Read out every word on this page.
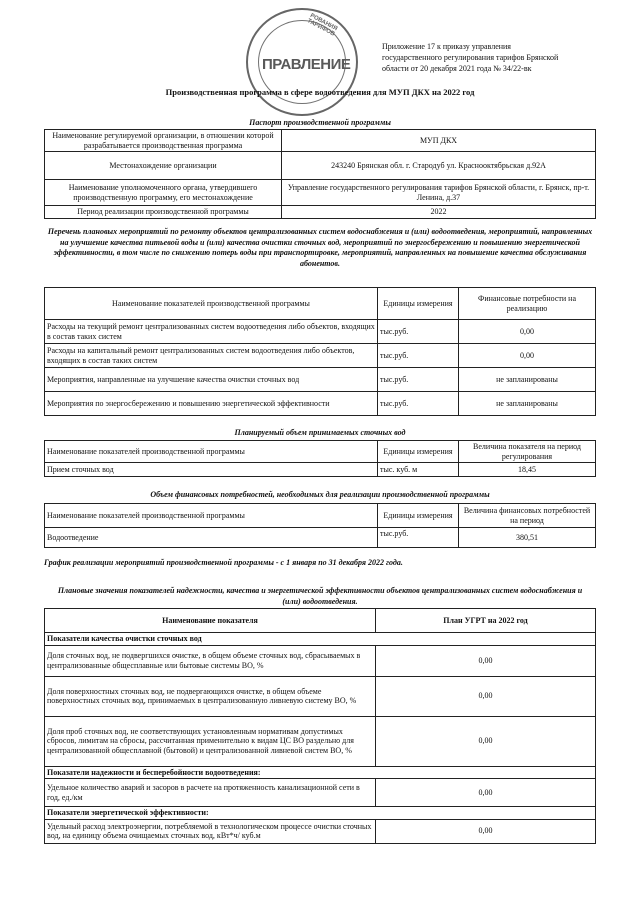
РОВАНИЯ ТАРИФОВ
ПРАВЛЕНИЕ
Приложение 17 к приказу управления
государственного регулирования тарифов Брянской
области от 20 декабря 2021 года № 34/22-вк
Производственная программа в сфере водоотведения для МУП ДКХ на 2022 год
Паспорт производственной программы
Наименование регулируемой организации, в отношении которой разрабатывается производственная программа	МУП ДКХ
Местонахождение организации	243240 Брянская обл. г. Стародуб ул. Краснооктябрьская д.92А
Наименование уполномоченного органа, утвердившего производственную программу, его местонахождение	Управление государственного регулирования тарифов Брянской области, г. Брянск, пр-т. Ленина, д.37
Период реализации производственной программы	2022
Перечень плановых мероприятий по ремонту объектов централизованных систем водоснабжения и (или) водоотведения, мероприятий, направленных на улучшение качества питьевой воды и (или) качества очистки сточных вод, мероприятий по энергосбережению и повышению энергетической эффективности, в том числе по снижению потерь воды при транспортировке, мероприятий, направленных на повышение качества обслуживания абонентов.
Наименование показателей производственной программы	Единицы измерения	Финансовые потребности на реализацию
Расходы на текущий ремонт централизованных систем водоотведения либо объектов, входящих в состав таких систем	тыс.руб.	0,00
Расходы на капитальный ремонт централизованных систем водоотведения либо объектов, входящих в состав таких систем	тыс.руб.	0,00
Мероприятия, направленные на улучшение качества очистки сточных вод	тыс.руб.	не запланированы
Мероприятия по энергосбережению и повышению энергетической эффективности	тыс.руб.	не запланированы
Планируемый объем принимаемых сточных вод
Наименование показателей производственной программы	Единицы измерения	Величина показателя на период регулирования
Прием сточных вод	тыс. куб. м	18,45
Объем финансовых потребностей, необходимых для реализации производственной программы
Наименование показателей производственной программы	Единицы измерения	Величина финансовых потребностей на период
Водоотведение	тыс.руб.	380,51
График реализации мероприятий производственной программы - с 1 января по 31 декабря 2022 года.
Плановые значения показателей надежности, качества и энергетической эффективности объектов централизованных систем водоснабжения и (или) водоотведения.
Наименование показателя	План УГРТ на 2022 год
Показатели качества очистки сточных вод	
Доля сточных вод, не подвергшихся очистке, в общем объеме сточных вод, сбрасываемых в централизованные общесплавные или бытовые системы ВО, %	0,00
Доля поверхностных сточных вод, не подвергающихся очистке, в общем объеме поверхностных сточных вод, принимаемых в централизованную ливневую систему ВО, %	0,00
Доля проб сточных вод, не соответствующих установленным нормативам допустимых сбросов, лимитам на сбросы, рассчитанная применительно к видам ЦС ВО раздельно для централизованной общесплавной (бытовой) и централизованной ливневой систем ВО, %	0,00
Показатели надежности и бесперебойности водоотведения:	
Удельное количество аварий и засоров в расчете на протяженность канализационной сети в год, ед./км	0,00
Показатели энергетической эффективности:	
Удельный расход электроэнергии, потребляемой в технологическом процессе очистки сточных вод, на единицу объема очищаемых сточных вод, кВт*ч/ куб.м	0,00
